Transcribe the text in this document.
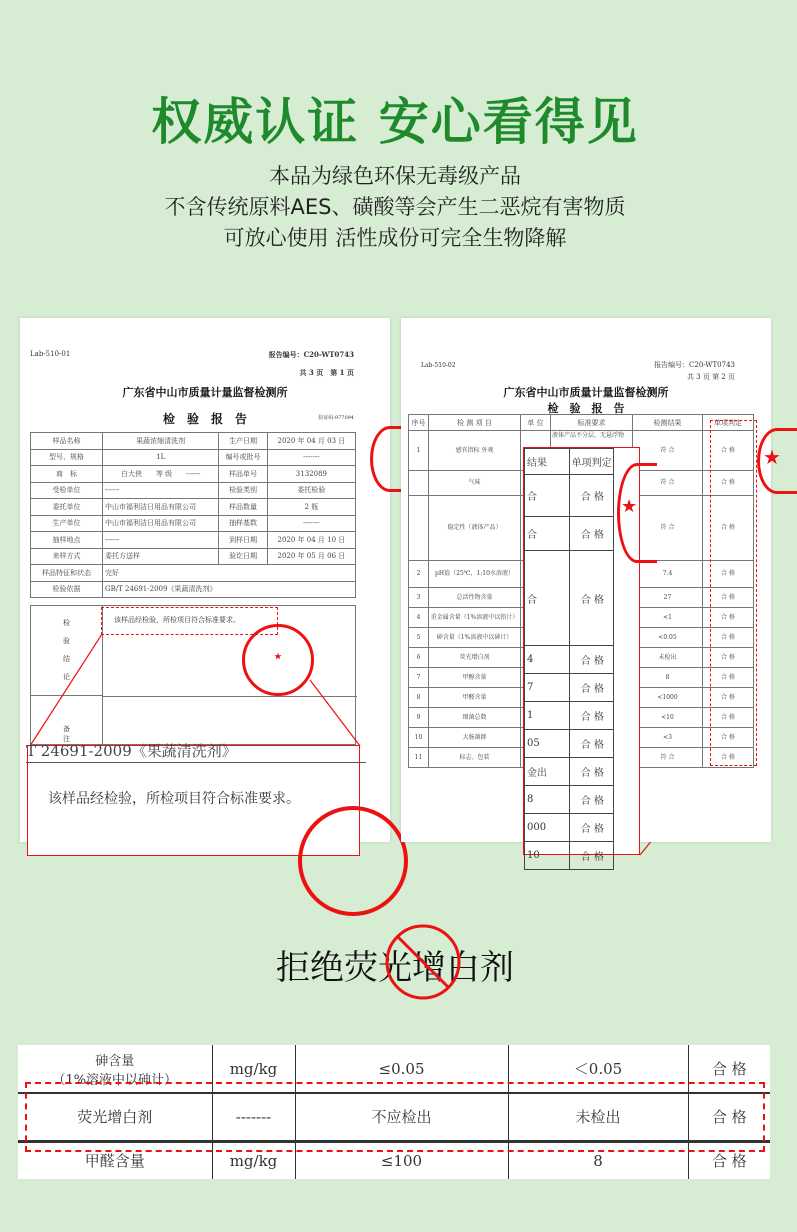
权威认证 安心看得见
本品为绿色环保无毒级产品
不含传统原料AES、磺酸等会产生二恶烷有害物质
可放心使用 活性成份可完全生物降解
Lab-510-01	报告编号：C20-WT0743
共 3 页　第 1 页
广东省中山市质量计量监督检测所
检　验　报　告	验证码:977094
样品名称	果蔬浓缩清洗剂	生产日期	2020 年 04 月 03 日
型号、规格	1L	编号或批号	-------
商　标	白大侠　　等 级　　------	样品单号	3132089
受检单位	------	检验类别	委托检验
委托单位	中山市福利洁日用品有限公司	样品数量	2 瓶
生产单位	中山市福利洁日用品有限公司	抽样基数	-------
抽样地点	------	到样日期	2020 年 04 月 10 日
来样方式	委托方送样	验讫日期	2020 年 05 月 06 日
样品特征和状态	完好		
检验依据	GB/T 24691-2009《果蔬清洗剂》		
检

验

结

论
备
注
该样品经检验，所检项目符合标准要求。
★
T 24691-2009《果蔬清洗剂》
该样品经检验，所检项目符合标准要求。
Lab-510-02	报告编号：C20-WT0743
共 3 页 第 2 页
广东省中山市质量计量监督检测所
检　验　报　告
序号	检 测 项 目	单 位	标准要求	检测结果	单项判定
1	感官指标 外观		液体产品不分层，无悬浮物	符 合	合 格
	气味			符 合	合 格
	稳定性（液体产品）			符 合	合 格
2	pH值（25℃，1:10水溶液）			7.4	合 格
3	总活性物含量			27	合 格
4	重金属含量（1%溶液中以铅计）			<1	合 格
5	砷含量（1%溶液中以砷计）			<0.05	合 格
6	荧光增白剂			未检出	合 格
7	甲醇含量			8	合 格
8	甲醛含量			<1000	合 格
9	细菌总数			<10	合 格
10	大肠菌群			<3	合 格
11	标志、包装			符 合	合 格
★
结果	单项判定
合	合 格
合	合 格
合	合 格
4	合 格
7	合 格
1	合 格
05	合 格
金出	合 格
8	合 格
000	合 格
10	合 格
★
拒绝荧光增白剂
砷含量
（1%溶液中以砷计）	mg/kg	≤0.05	＜0.05	合 格
荧光增白剂	-------	不应检出	未检出	合 格
甲醛含量	mg/kg	≤100	8	合 格
